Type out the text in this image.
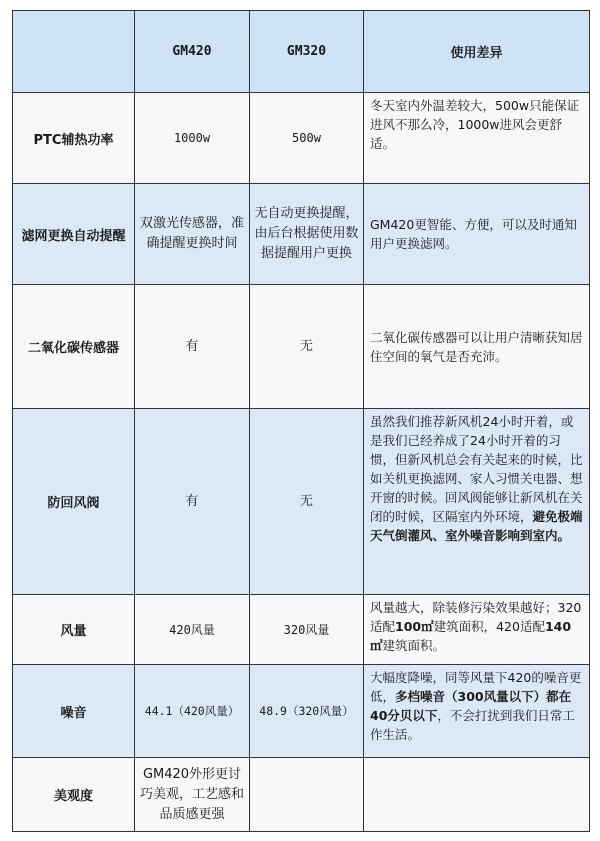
	GM420	GM320	使用差异
PTC辅热功率	1000w	500w	冬天室内外温差较大，500w只能保证进风不那么冷，1000w进风会更舒适。
滤网更换自动提醒	双激光传感器，准确提醒更换时间	无自动更换提醒，由后台根据使用数据提醒用户更换	GM420更智能、方便，可以及时通知用户更换滤网。
二氧化碳传感器	有	无	二氧化碳传感器可以让用户清晰获知居住空间的氧气是否充沛。
防回风阀	有	无	虽然我们推荐新风机24小时开着，或是我们已经养成了24小时开着的习惯，但新风机总会有关起来的时候，比如关机更换滤网、家人习惯关电器、想开窗的时候。回风阀能够让新风机在关闭的时候，区隔室内外环境，避免极端天气倒灌风、室外噪音影响到室内。
风量	420风量	320风量	风量越大，除装修污染效果越好；320适配100㎡建筑面积，420适配140㎡建筑面积。
噪音	44.1（420风量）	48.9（320风量）	大幅度降噪，同等风量下420的噪音更低，多档噪音（300风量以下）都在40分贝以下，不会打扰到我们日常工作生活。
美观度	GM420外形更讨巧美观，工艺感和品质感更强		
